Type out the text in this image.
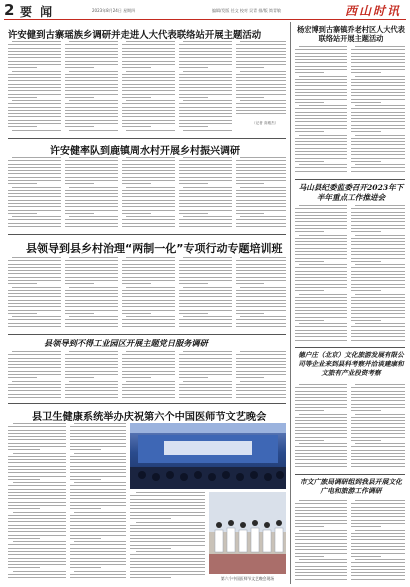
2 要 闻	2023年8月24日 星期四	编辑/发版 任文 校对 吴青 排/版 简青敏	西山时讯
许安健到古寨瑶族乡调研并走进人大代表联络站开展主题活动
（记者 高雅杰）
许安健率队到鹿镇周水村开展乡村振兴调研
县领导到县乡村治理“两制一化”专项行动专题培训班
县领导到不得工业园区开展主题党日服务调研
县卫生健康系统举办庆祝第六个中国医师节文艺晚会
第六个中国医师节文艺晚会现场
杨宏博到古寨镇乔老村区人大代表联络站开展主题活动
马山县纪委监委召开2023年下半年重点工作推进会
德户庄（北京）文化旅游发展有限公司等企业来到县科考察并洽谈建康和文旅有产业投资考察
市文广旅局调研组到我县开展文化广电和旅游工作调研
